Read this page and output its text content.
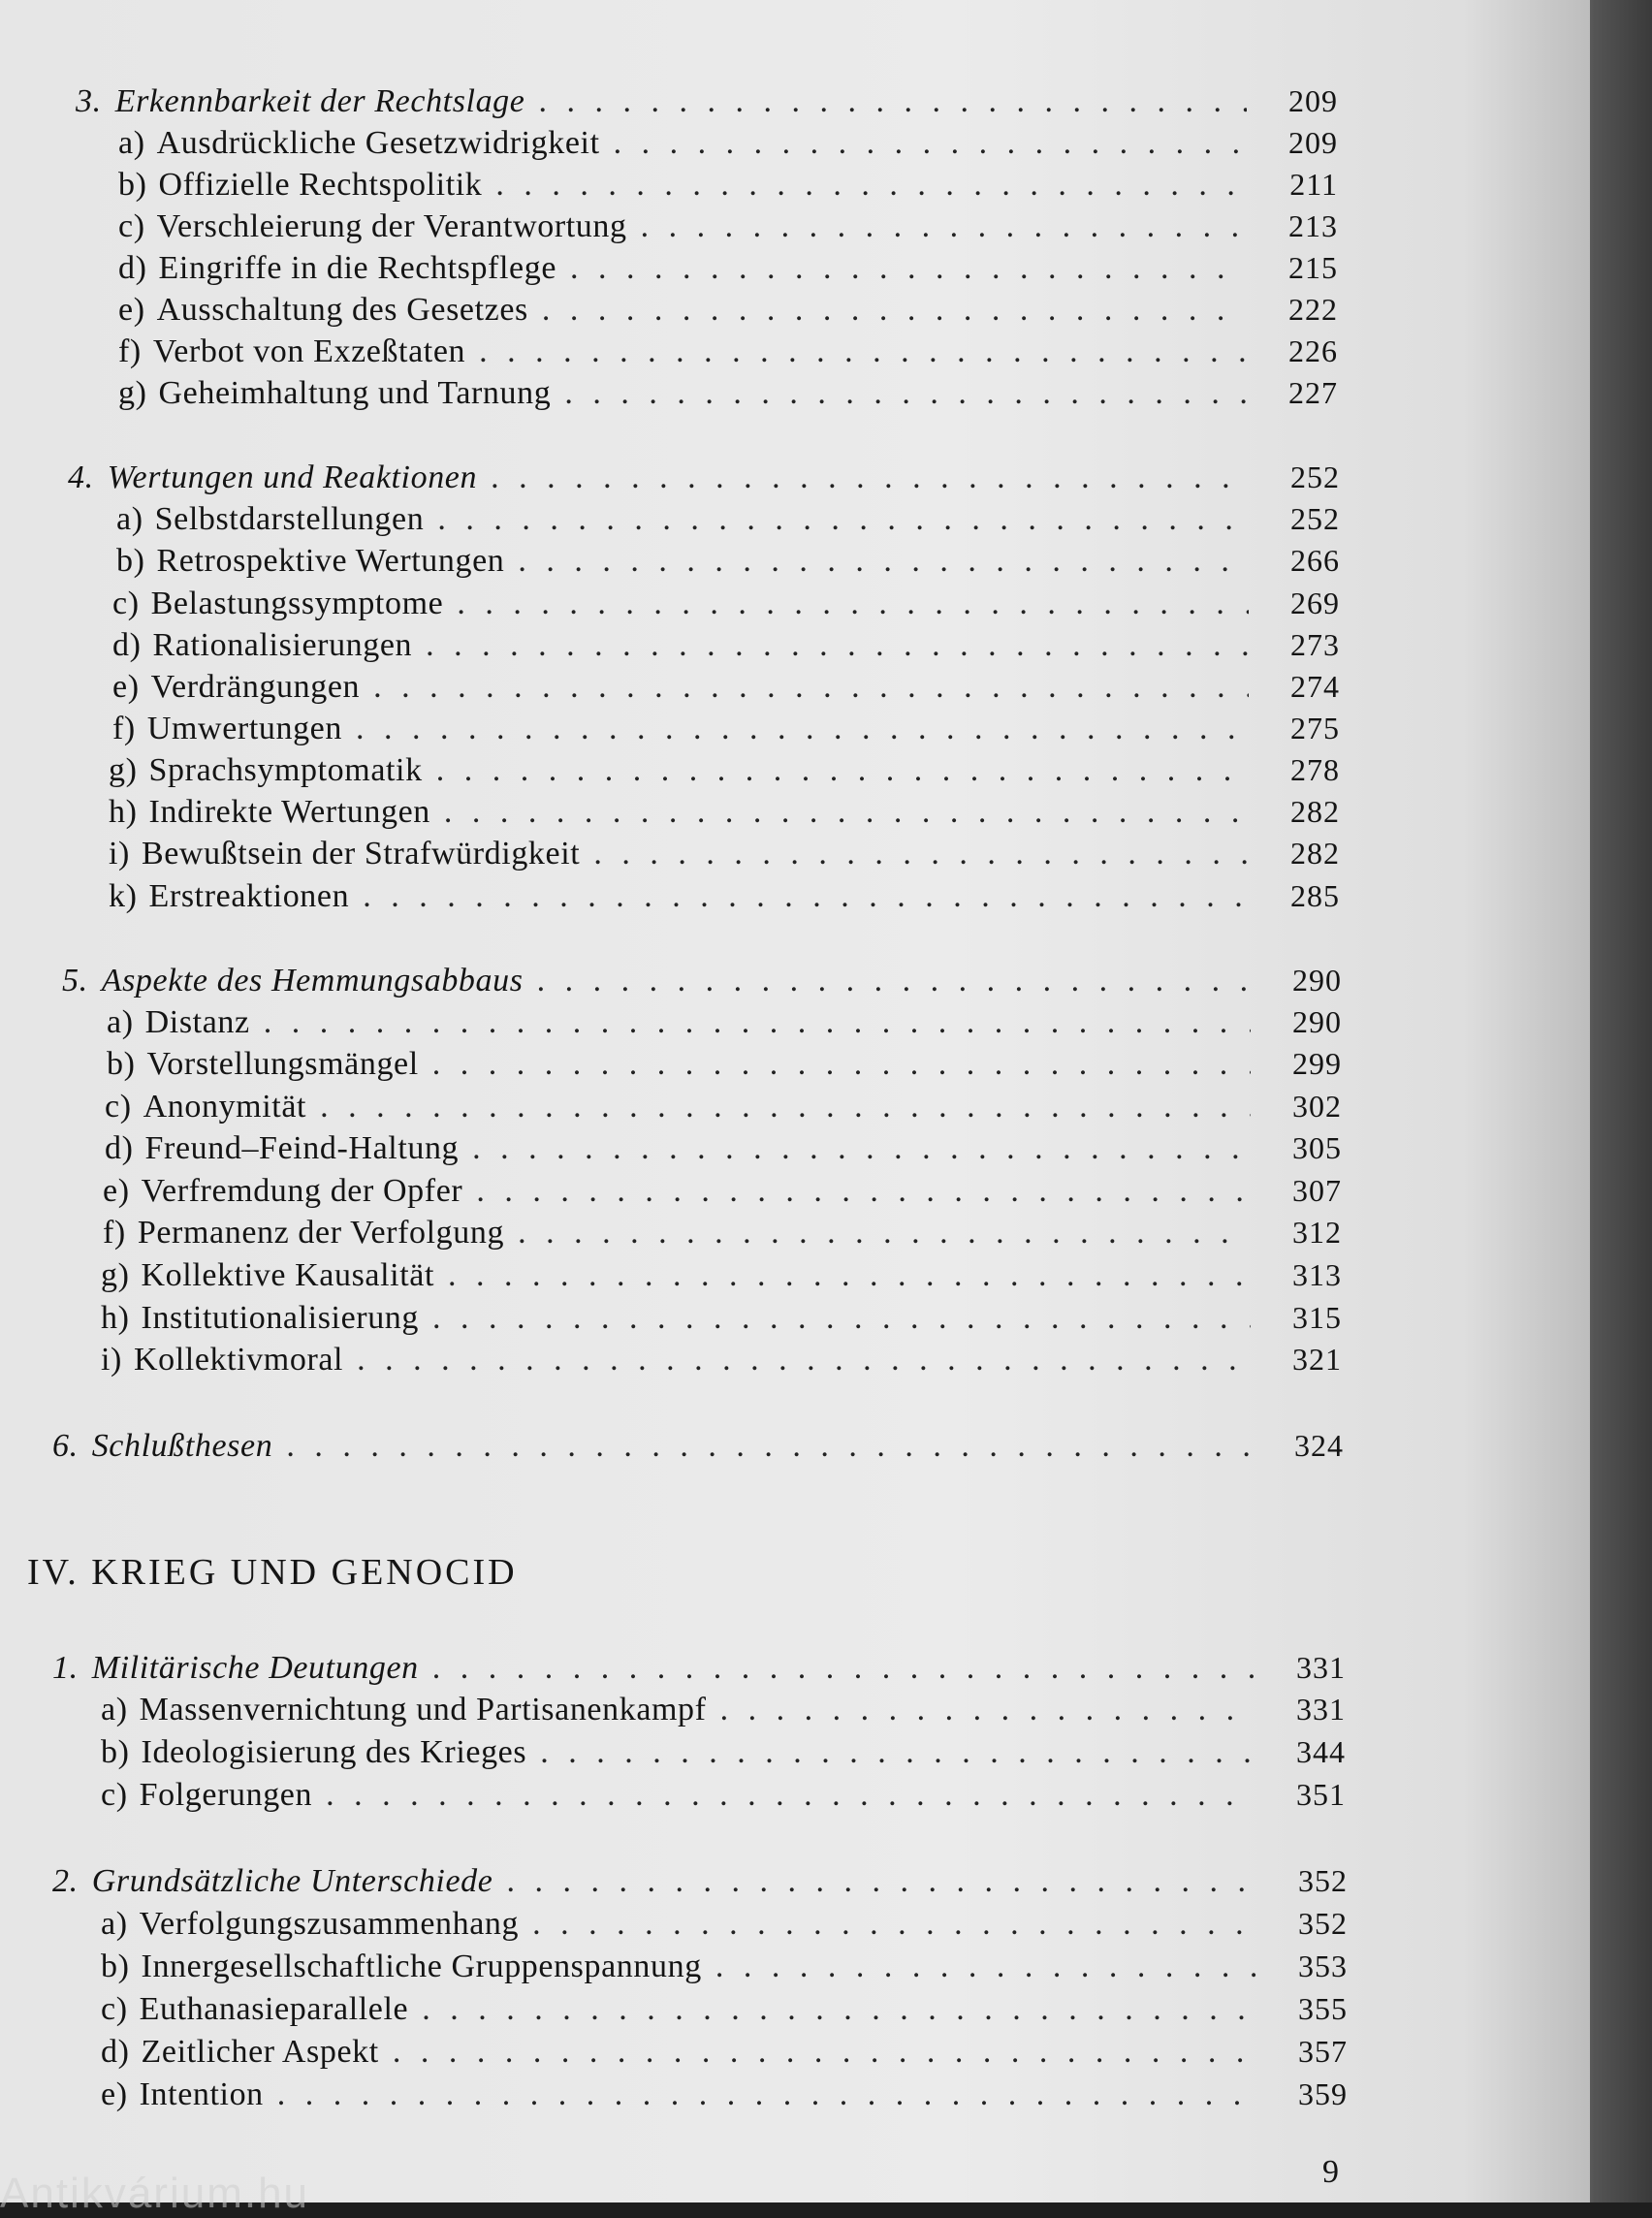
3. Erkennbarkeit der Rechtslage . . .	209
a) Ausdrückliche Gesetzwidrigkeit . . .	209
b) Offizielle Rechtspolitik . . .	211
c) Verschleierung der Verantwortung . . .	213
d) Eingriffe in die Rechtspflege . . .	215
e) Ausschaltung des Gesetzes . . .	222
f) Verbot von Exzeßtaten . . .	226
g) Geheimhaltung und Tarnung . . .	227
4. Wertungen und Reaktionen . . .	252
a) Selbstdarstellungen . . .	252
b) Retrospektive Wertungen . . .	266
c) Belastungssymptome . . .	269
d) Rationalisierungen . . .	273
e) Verdrängungen . . .	274
f) Umwertungen . . .	275
g) Sprachsymptomatik . . .	278
h) Indirekte Wertungen . . .	282
i) Bewußtsein der Strafwürdigkeit . . .	282
k) Erstreaktionen . . .	285
5. Aspekte des Hemmungsabbaus . . .	290
a) Distanz . . .	290
b) Vorstellungsmängel . . .	299
c) Anonymität . . .	302
d) Freund–Feind-Haltung . . .	305
e) Verfremdung der Opfer . . .	307
f) Permanenz der Verfolgung . . .	312
g) Kollektive Kausalität . . .	313
h) Institutionalisierung . . .	315
i) Kollektivmoral . . .	321
6. Schlußthesen . . .	324
IV. KRIEG UND GENOCID
1. Militärische Deutungen . . .	331
a) Massenvernichtung und Partisanenkampf . . .	331
b) Ideologisierung des Krieges . . .	344
c) Folgerungen . . .	351
2. Grundsätzliche Unterschiede . . .	352
a) Verfolgungszusammenhang . . .	352
b) Innergesellschaftliche Gruppenspannung . . .	353
c) Euthanasieparallele . . .	355
d) Zeitlicher Aspekt . . .	357
e) Intention . . .	359
9
Antikvárium.hu
